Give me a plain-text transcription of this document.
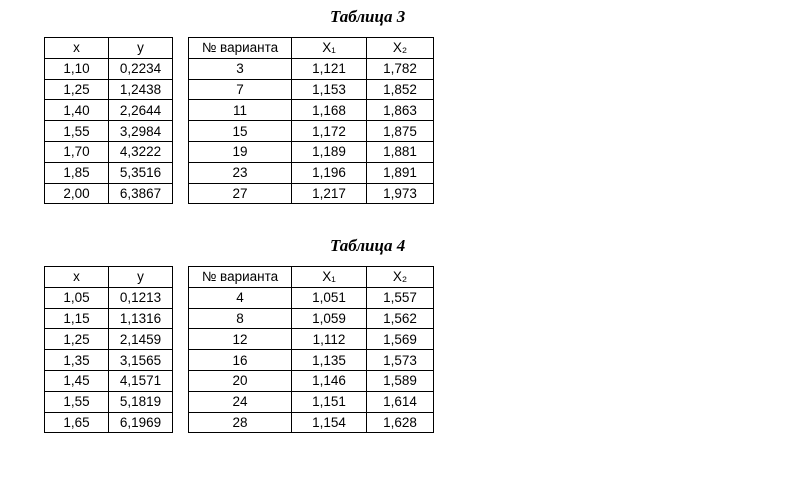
Таблица 3
x	y
1,10	0,2234
1,25	1,2438
1,40	2,2644
1,55	3,2984
1,70	4,3222
1,85	5,3516
2,00	6,3867
№ варианта	X₁	X₂
3	1,121	1,782
7	1,153	1,852
11	1,168	1,863
15	1,172	1,875
19	1,189	1,881
23	1,196	1,891
27	1,217	1,973
Таблица 4
x	y
1,05	0,1213
1,15	1,1316
1,25	2,1459
1,35	3,1565
1,45	4,1571
1,55	5,1819
1,65	6,1969
№ варианта	X₁	X₂
4	1,051	1,557
8	1,059	1,562
12	1,112	1,569
16	1,135	1,573
20	1,146	1,589
24	1,151	1,614
28	1,154	1,628
